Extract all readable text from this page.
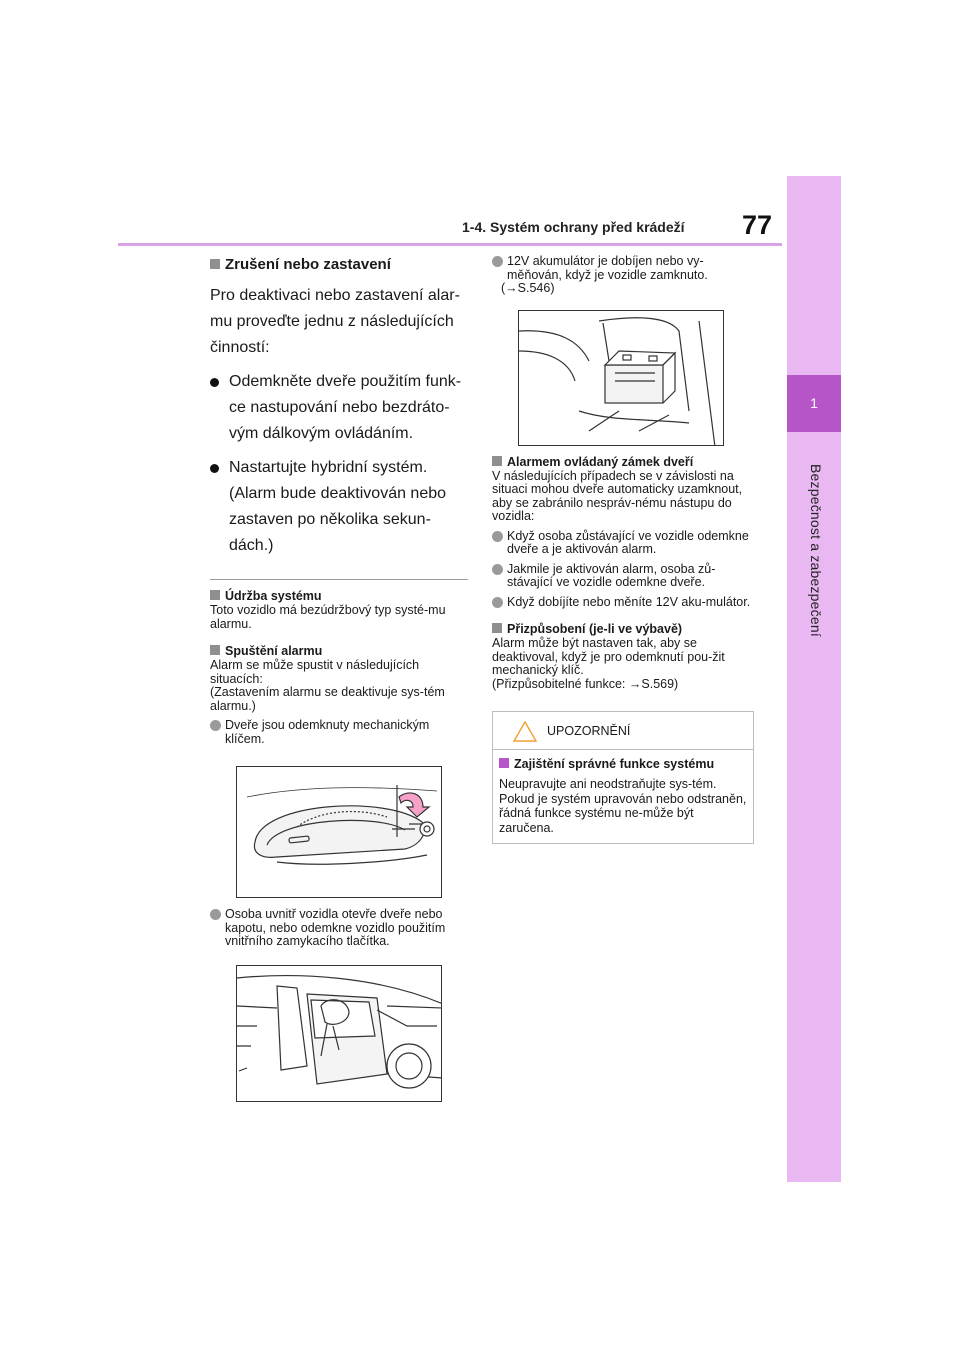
1-4. Systém ochrany před krádeží 77
1
Bezpečnost a zabezpečení
Zrušení nebo zastavení
Pro deaktivaci nebo zastavení alar-mu proveďte jednu z následujících činností:
Odemkněte dveře použitím funk-ce nastupování nebo bezdráto-vým dálkovým ovládáním.
Nastartujte hybridní systém. (Alarm bude deaktivován nebo zastaven po několika sekun-dách.)
Údržba systému
Toto vozidlo má bezúdržbový typ systé-mu alarmu.
Spuštění alarmu
Alarm se může spustit v následujících situacích:
(Zastavením alarmu se deaktivuje sys-tém alarmu.)
Dveře jsou odemknuty mechanickým klíčem.
Osoba uvnitř vozidla otevře dveře nebo kapotu, nebo odemkne vozidlo použitím vnitřního zamykacího tlačítka.
12V akumulátor je dobíjen nebo vy-měňován, když je vozidle zamknuto.
(→S.546)
Alarmem ovládaný zámek dveří
V následujících případech se v závislosti na situaci mohou dveře automaticky uzamknout, aby se zabránilo nespráv-nému nástupu do vozidla:
Když osoba zůstávající ve vozidle odemkne dveře a je aktivován alarm.
Jakmile je aktivován alarm, osoba zů-stávající ve vozidle odemkne dveře.
Když dobíjíte nebo měníte 12V aku-mulátor.
Přizpůsobení (je-li ve výbavě)
Alarm může být nastaven tak, aby se deaktivoval, když je pro odemknutí pou-žit mechanický klíč.
(Přizpůsobitelné funkce: →S.569)
UPOZORNĚNÍ
Zajištění správné funkce systému
Neupravujte ani neodstraňujte sys-tém. Pokud je systém upravován nebo odstraněn, řádná funkce systému ne-může být zaručena.
